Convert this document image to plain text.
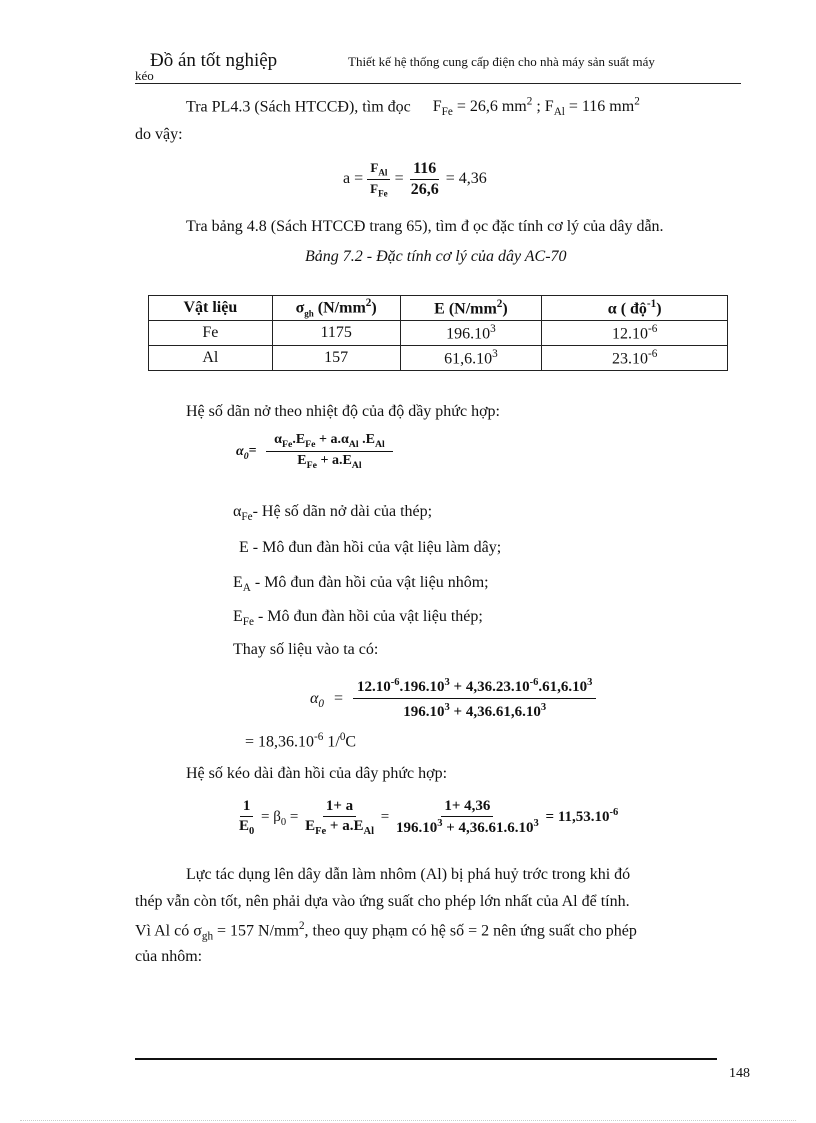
Đồ án tốt nghiệp	Thiết kế hệ thống cung cấp điện cho nhà máy sản suất máy
kéo
Tra PL4.3 (Sách HTCCĐ), tìm đọc $F_{Fe} = 26,6$ $mm^2$ ; $F_{Al} = 116$ $mm^2$
do vậy:
$a = \frac{F_{Al}}{F_{Fe}} = \frac{116}{26,6} = 4,36$
Tra bảng 4.8 (Sách HTCCĐ trang 65), tìm đ ọc đặc tính cơ lý của dây dẫn.
Bảng 7.2 - Đặc tính cơ lý của dây AC-70
Vật liệu	$\sigma_{gh}$ $(N/mm^2)$	E $(N/mm^2)$	α ( độ$^{-1}$)
Fe	1175	196.10$^3$	$12.10^{-6}$
Al	157	61,6.10$^3$	$23.10^{-6}$
Hệ số dãn nở theo nhiệt độ của độ dầy phức hợp:
$\alpha_0= \frac{\alpha_{Fe}.E_{Fe} + a.\alpha_{Al} .E_{Al}}{E_{Fe} + a.E_{Al}}$
$\alpha_{Fe}-$ Hệ số dãn nở dài của thép;
E - Mô đun đàn hồi của vật liệu làm dây;
$E_A$ - Mô đun đàn hồi của vật liệu nhôm;
$E_{Fe}$ - Mô đun đàn hồi của vật liệu thép;
Thay số liệu vào ta có:
$\alpha_0 = \frac{12.10^{-6}.196.10^3 + 4,36.23.10^{-6}.61,6.10^3}{196.10^3 + 4,36.61,6.10^3}$
= $18,36.10^{-6}$ 1/$^0$C
Hệ số kéo dài đàn hồi của dây phức hợp:
$\frac{1}{E_0} = \beta_0 = \frac{1+ a}{E_{Fe} + a.E_{Al}} = \frac{1+ 4,36}{196.10^3 + 4,36.61.6.10^3} = 11,53.10^{-6}$
Lực tác dụng lên dây dẫn làm nhôm (Al) bị phá huỷ trớc trong khi đó
thép vẫn còn tốt, nên phải dựa vào ứng suất cho phép lớn nhất của Al để tính.
Vì Al có $\sigma_{gh} = 157$ $N/mm^2$, theo quy phạm có hệ số = 2 nên ứng suất cho phép
của nhôm:
148
